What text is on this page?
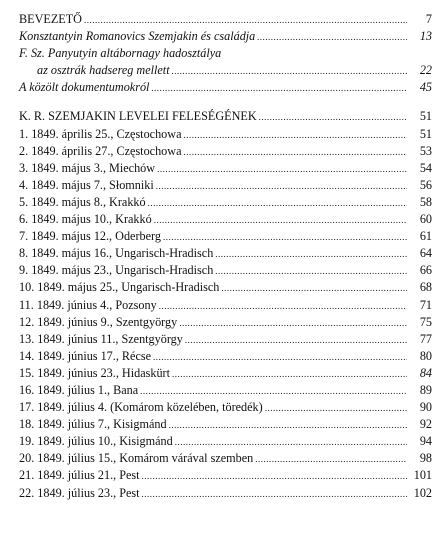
BEVEZETŐ .....	7
Konsztantyin Romanovics Szemjakin és családja .....	13
F. Sz. Panyutyin altábornagy hadosztálya
az osztrák hadsereg mellett .....	22
A közölt dokumentumokról .....	45
K. R. SZEMJAKIN LEVELEI FELESÉGÉNEK .....	51
1. 1849. április 25., Częstochowa .....	51
2. 1849. április 27., Częstochowa .....	53
3. 1849. május 3., Miechów .....	54
4. 1849. május 7., Słomniki .....	56
5. 1849. május 8., Krakkó .....	58
6. 1849. május 10., Krakkó .....	60
7. 1849. május 12., Oderberg .....	61
8. 1849. május 16., Ungarisch-Hradisch .....	64
9. 1849. május 23., Ungarisch-Hradisch .....	66
10. 1849. május 25., Ungarisch-Hradisch .....	68
11. 1849. június 4., Pozsony .....	71
12. 1849. június 9., Szentgyörgy .....	75
13. 1849. június 11., Szentgyörgy .....	77
14. 1849. június 17., Récse .....	80
15. 1849. június 23., Hidaskürt .....	84
16. 1849. július 1., Bana .....	89
17. 1849. július 4. (Komárom közelében, töredék) .....	90
18. 1849. július 7., Kisigmánd .....	92
19. 1849. július 10., Kisigmánd .....	94
20. 1849. július 15., Komárom várával szemben .....	98
21. 1849. július 21., Pest .....	101
22. 1849. július 23., Pest .....	102
